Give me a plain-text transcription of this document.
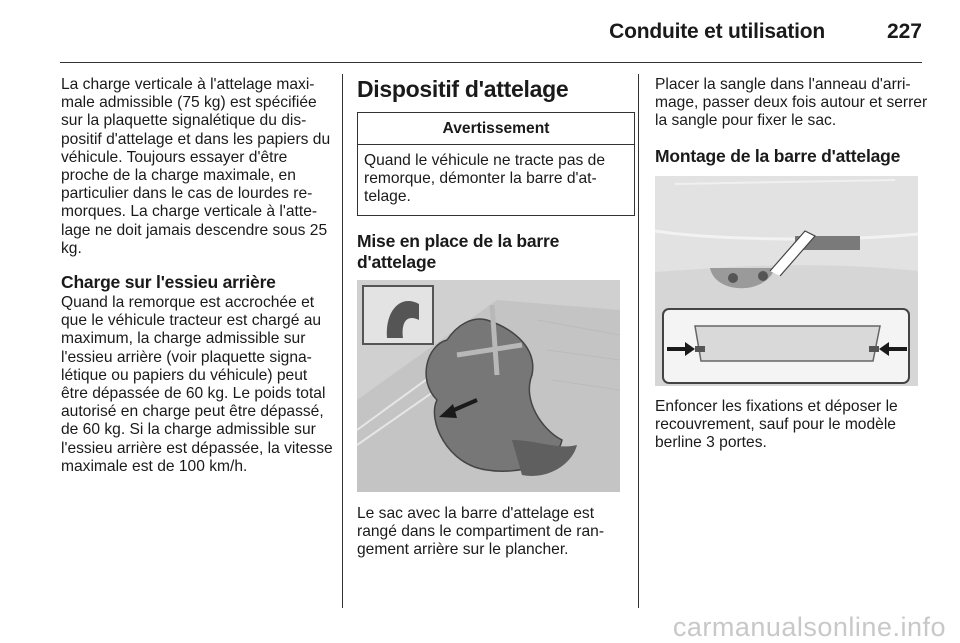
Conduite et utilisation	227

La charge verticale à l'attelage maximale admissible (75 kg) est spécifiée sur la plaquette signalétique du dispositif d'attelage et dans les papiers du véhicule. Toujours essayer d'être proche de la charge maximale, en particulier dans le cas de lourdes remorques. La charge verticale à l'attelage ne doit jamais descendre sous 25 kg.

Charge sur l'essieu arrière

Quand la remorque est accrochée et que le véhicule tracteur est chargé au maximum, la charge admissible sur l'essieu arrière (voir plaquette signalétique ou papiers du véhicule) peut être dépassée de 60 kg. Le poids total autorisé en charge peut être dépassé, de 60 kg. Si la charge admissible sur l'essieu arrière est dépassée, la vitesse maximale est de 100 km/h.

Dispositif d'attelage

Avertissement

Quand le véhicule ne tracte pas de remorque, démonter la barre d'attelage.

Mise en place de la barre d'attelage

Le sac avec la barre d'attelage est rangé dans le compartiment de rangement arrière sur le plancher.

Placer la sangle dans l'anneau d'arrimage, passer deux fois autour et serrer la sangle pour fixer le sac.

Montage de la barre d'attelage

Enfoncer les fixations et déposer le recouvrement, sauf pour le modèle berline 3 portes.

carmanualsonline.info
